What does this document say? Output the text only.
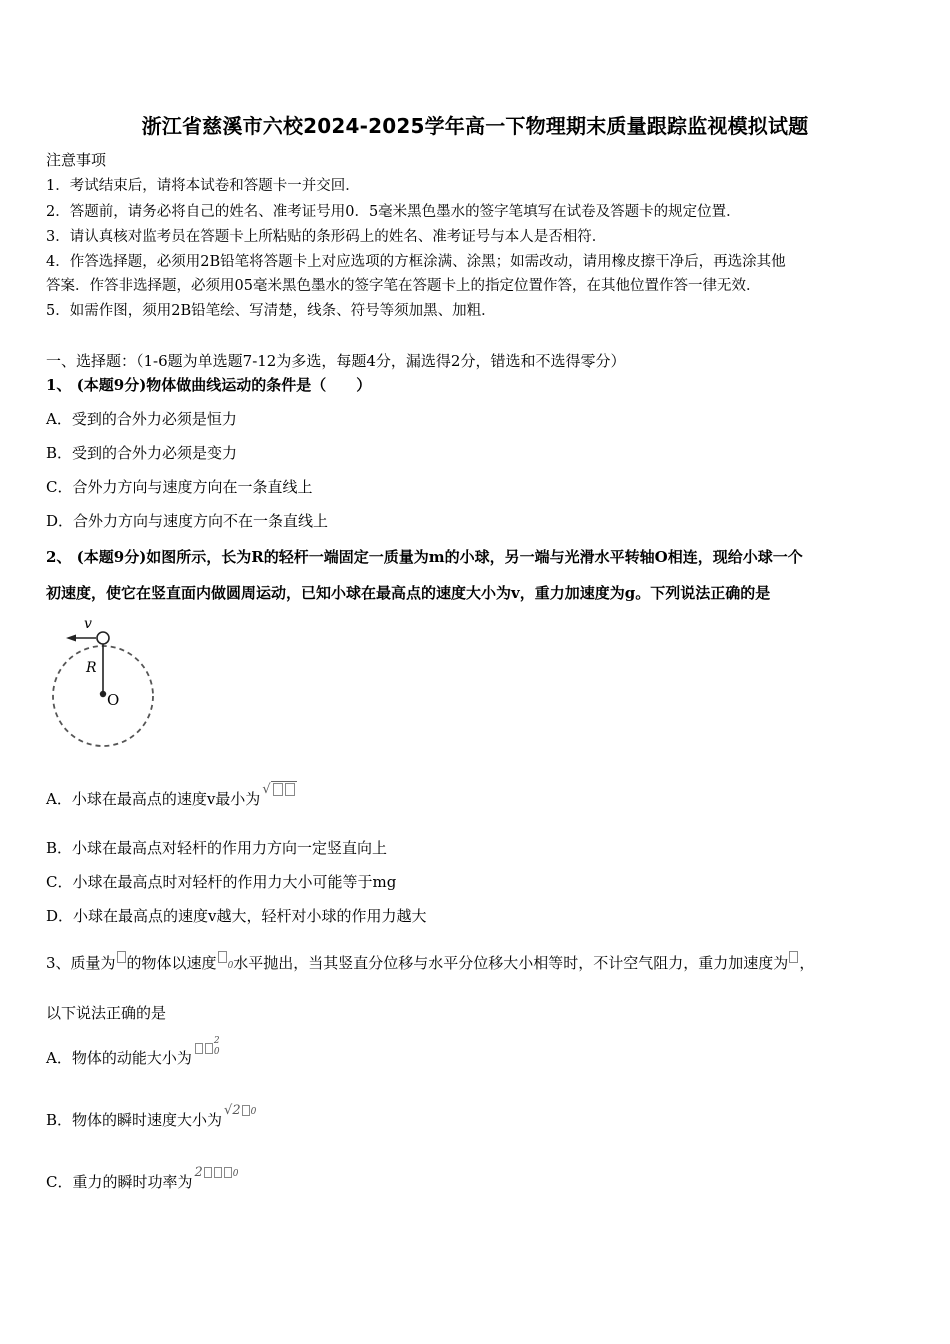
浙江省慈溪市六校2024-2025学年高一下物理期末质量跟踪监视模拟试题
注意事项
1．考试结束后，请将本试卷和答题卡一并交回．
2．答题前，请务必将自己的姓名、准考证号用0．5毫米黑色墨水的签字笔填写在试卷及答题卡的规定位置．
3．请认真核对监考员在答题卡上所粘贴的条形码上的姓名、准考证号与本人是否相符．
4．作答选择题，必须用2B铅笔将答题卡上对应选项的方框涂满、涂黑；如需改动，请用橡皮擦干净后，再选涂其他
答案．作答非选择题，必须用05毫米黑色墨水的签字笔在答题卡上的指定位置作答，在其他位置作答一律无效．
5．如需作图，须用2B铅笔绘、写清楚，线条、符号等须加黑、加粗．
一、选择题：（1-6题为单选题7-12为多选，每题4分，漏选得2分，错选和不选得零分）
1、 (本题9分)物体做曲线运动的条件是（　　）
A．受到的合外力必须是恒力
B．受到的合外力必须是变力
C．合外力方向与速度方向在一条直线上
D．合外力方向与速度方向不在一条直线上
2、 (本题9分)如图所示，长为R的轻杆一端固定一质量为m的小球，另一端与光滑水平转轴O相连，现给小球一个
初速度，使它在竖直面内做圆周运动，已知小球在最高点的速度大小为v，重力加速度为g。下列说法正确的是
v
R
O
A．小球在最高点的速度v最小为√
B．小球在最高点对轻杆的作用力方向一定竖直向上
C．小球在最高点时对轻杆的作用力大小可能等于mg
D．小球在最高点的速度v越大，轻杆对小球的作用力越大
3、质量为 的物体以速度 0水平抛出，当其竖直分位移与水平分位移大小相等时，不计空气阻力，重力加速度为 ，
以下说法正确的是
A．物体的动能大小为
2
0
B．物体的瞬时速度大小为√2 0
C．重力的瞬时功率为2	0
